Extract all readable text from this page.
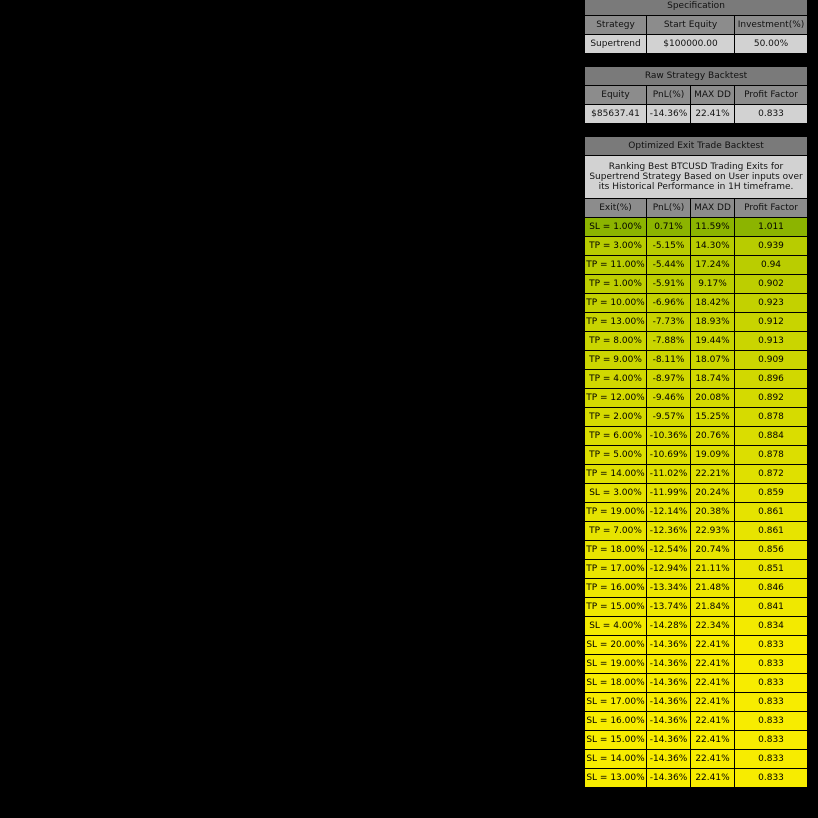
Specification		
Strategy	Start Equity	Investment(%)
Supertrend	$100000.00	50.00%
Raw Strategy Backtest			
Equity	PnL(%)	MAX DD	Profit Factor
$85637.41	-14.36%	22.41%	0.833
Optimized Exit Trade Backtest			
Ranking Best BTCUSD Trading Exits for Supertrend Strategy Based on User inputs over its Historical Performance in 1H timeframe.			
Exit(%)	PnL(%)	MAX DD	Profit Factor
SL = 1.00%	0.71%	11.59%	1.011
TP = 3.00%	-5.15%	14.30%	0.939
TP = 11.00%	-5.44%	17.24%	0.94
TP = 1.00%	-5.91%	9.17%	0.902
TP = 10.00%	-6.96%	18.42%	0.923
TP = 13.00%	-7.73%	18.93%	0.912
TP = 8.00%	-7.88%	19.44%	0.913
TP = 9.00%	-8.11%	18.07%	0.909
TP = 4.00%	-8.97%	18.74%	0.896
TP = 12.00%	-9.46%	20.08%	0.892
TP = 2.00%	-9.57%	15.25%	0.878
TP = 6.00%	-10.36%	20.76%	0.884
TP = 5.00%	-10.69%	19.09%	0.878
TP = 14.00%	-11.02%	22.21%	0.872
SL = 3.00%	-11.99%	20.24%	0.859
TP = 19.00%	-12.14%	20.38%	0.861
TP = 7.00%	-12.36%	22.93%	0.861
TP = 18.00%	-12.54%	20.74%	0.856
TP = 17.00%	-12.94%	21.11%	0.851
TP = 16.00%	-13.34%	21.48%	0.846
TP = 15.00%	-13.74%	21.84%	0.841
SL = 4.00%	-14.28%	22.34%	0.834
SL = 20.00%	-14.36%	22.41%	0.833
SL = 19.00%	-14.36%	22.41%	0.833
SL = 18.00%	-14.36%	22.41%	0.833
SL = 17.00%	-14.36%	22.41%	0.833
SL = 16.00%	-14.36%	22.41%	0.833
SL = 15.00%	-14.36%	22.41%	0.833
SL = 14.00%	-14.36%	22.41%	0.833
SL = 13.00%	-14.36%	22.41%	0.833
